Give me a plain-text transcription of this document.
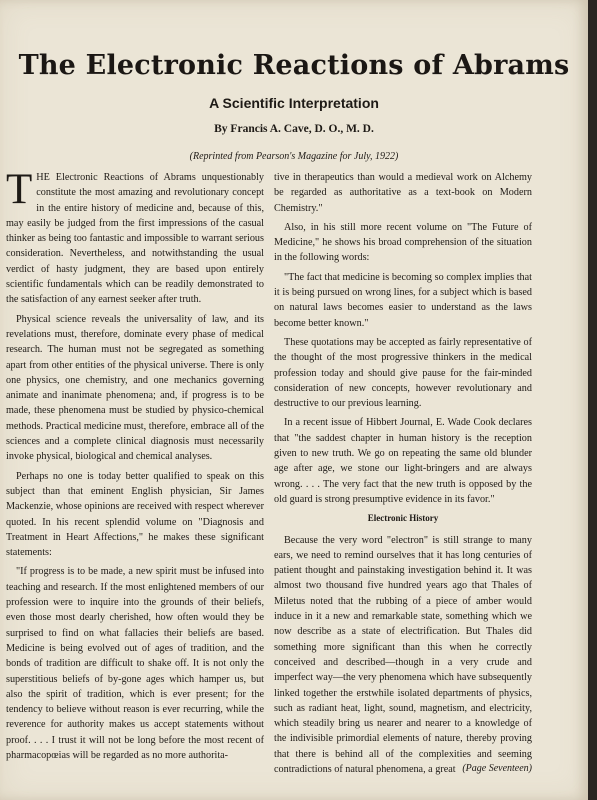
The Electronic Reactions of Abrams
A Scientific Interpretation
By Francis A. Cave, D. O., M. D.
(Reprinted from Pearson's Magazine for July, 1922)

THE Electronic Reactions of Abrams unquestionably constitute the most amazing and revolutionary concept in the entire history of medicine and, because of this, may easily be judged from the first impressions of the casual thinker as being too fantastic and impossible to warrant serious consideration. Nevertheless, and notwithstanding the usual verdict of hasty judgment, they are based upon entirely scientific fundamentals which can be readily demonstrated to the satisfaction of any earnest seeker after truth.

Physical science reveals the universality of law, and its revelations must, therefore, dominate every phase of medical research. The human must not be segregated as something apart from other entities of the physical universe. There is only one physics, one chemistry, and one mechanics governing animate and inanimate phenomena; and, if progress is to be made, these phenomena must be studied by physico-chemical methods. Practical medicine must, therefore, embrace all of the sciences and a complete clinical diagnosis must necessarily invoke physical, biological and chemical analyses.

Perhaps no one is today better qualified to speak on this subject than that eminent English physician, Sir James Mackenzie, whose opinions are received with respect wherever quoted. In his recent splendid volume on "Diagnosis and Treatment in Heart Affections," he makes these significant statements:

"If progress is to be made, a new spirit must be infused into teaching and research. If the most enlightened members of our profession were to inquire into the grounds of their beliefs, even those most dearly cherished, how often would they be surprised to find on what fallacies their beliefs are based. Medicine is being evolved out of ages of tradition, and the bonds of tradition are difficult to shake off. It is not only the superstitious beliefs of by-gone ages which hamper us, but also the spirit of tradition, which is ever present; for the tendency to believe without reason is ever recurring, while the reverence for authority makes us accept statements without proof. . . . I trust it will not be long before the most recent of pharmacopœias will be regarded as no more authorita-

tive in therapeutics than would a medieval work on Alchemy be regarded as authoritative as a text-book on Modern Chemistry."

Also, in his still more recent volume on "The Future of Medicine," he shows his broad comprehension of the situation in the following words:

"The fact that medicine is becoming so complex implies that it is being pursued on wrong lines, for a subject which is based on natural laws becomes easier to understand as the laws become better known."

These quotations may be accepted as fairly representative of the thought of the most progressive thinkers in the medical profession today and should give pause for the fair-minded consideration of new concepts, however revolutionary and destructive to our previous learning.

In a recent issue of Hibbert Journal, E. Wade Cook declares that "the saddest chapter in human history is the reception given to new truth. We go on repeating the same old blunder age after age, we stone our light-bringers and are always wrong. . . . The very fact that the new truth is opposed by the old guard is strong presumptive evidence in its favor."

Electronic History

Because the very word "electron" is still strange to many ears, we need to remind ourselves that it has long centuries of patient thought and painstaking investigation behind it. It was almost two thousand five hundred years ago that Thales of Miletus noted that the rubbing of a piece of amber would induce in it a new and remarkable state, something which we now describe as a state of electrification. But Thales did something more significant than this when he correctly conceived and described—though in a very crude and imperfect way—the very phenomena which have subsequently linked together the erstwhile isolated departments of physics, such as radiant heat, light, sound, magnetism, and electricity, which steadily bring us nearer and nearer to a knowledge of the indivisible primordial elements of nature, thereby proving that there is behind all of the complexities and seeming contradictions of natural phenomena, a great (Page Seventeen)
